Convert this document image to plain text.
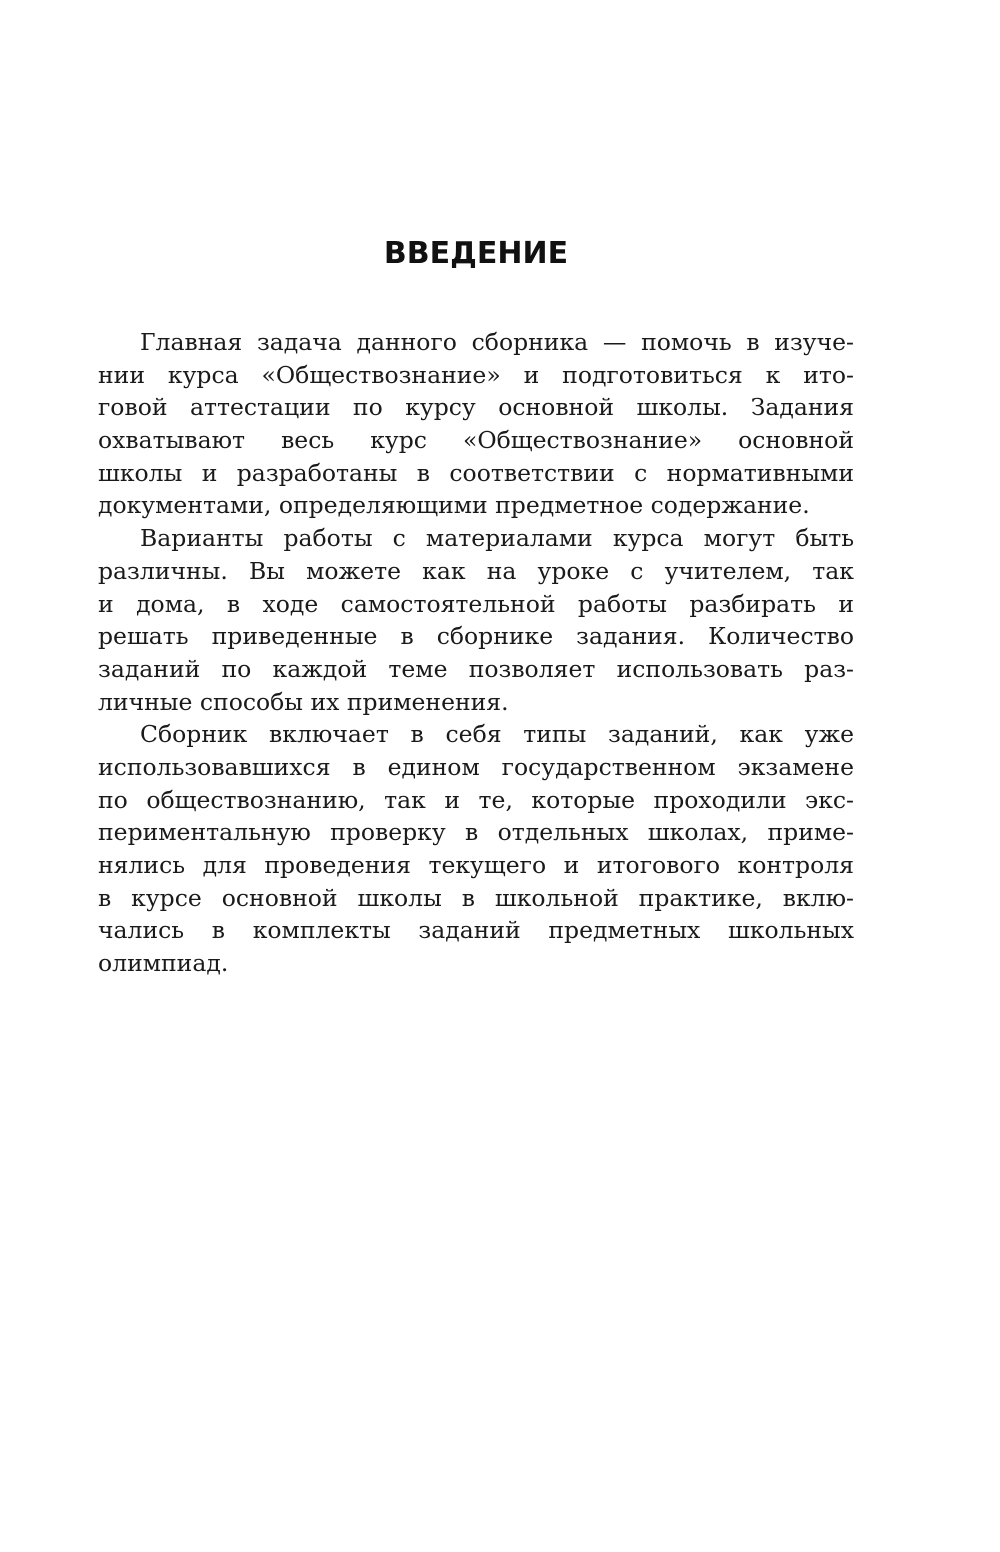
ВВЕДЕНИЕ
Главная задача данного сборника — помочь в изуче-
нии курса «Обществознание» и подготовиться к ито-
говой аттестации по курсу основной школы. Задания
охватывают весь курс «Обществознание» основной
школы и разработаны в соответствии с нормативными
документами, определяющими предметное содержание.
Варианты работы с материалами курса могут быть
различны. Вы можете как на уроке с учителем, так
и дома, в ходе самостоятельной работы разбирать и
решать приведенные в сборнике задания. Количество
заданий по каждой теме позволяет использовать раз-
личные способы их применения.
Сборник включает в себя типы заданий, как уже
использовавшихся в едином государственном экзамене
по обществознанию, так и те, которые проходили экс-
периментальную проверку в отдельных школах, приме-
нялись для проведения текущего и итогового контроля
в курсе основной школы в школьной практике, вклю-
чались в комплекты заданий предметных школьных
олимпиад.
